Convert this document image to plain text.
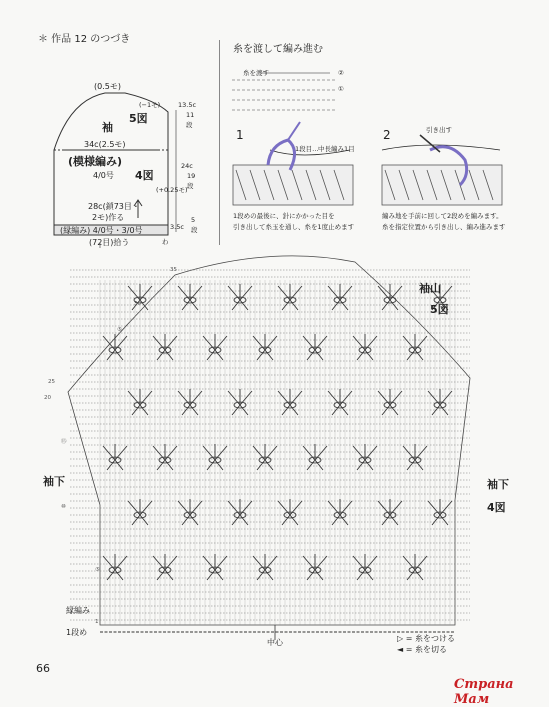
＊ 作品 12 のつづき
(0.5モ)
袖
5図
(−1モ)	13.5c
11
段
34c(2.5モ)
(模様編み)
4図
4/0号
24c
19
段
(+0.25モ)
28c(鎖73目・
2モ)作る
(縁編み) 4/0号・3/0号	3.5c
5
段
(72目)拾う	わ
糸を渡して編み進む
糸を渡す	②
①
1
1段目… 中長編み1目
1段めの最後に、針にかかった目を
引き出して糸玉を通し、糸を1度止めます
2	引き出す
編み地を手前に回して2段めを編みます。
糸を指定位置から引き出し、編み進みます
袖山
5図
袖下	袖下
4図
縁編み
1段め
中心	▷ = 糸をつける
◄ = 糸を切る
35
30
⑤
25
20
⑮
⑩
⑤
1
66
Страна Мам
